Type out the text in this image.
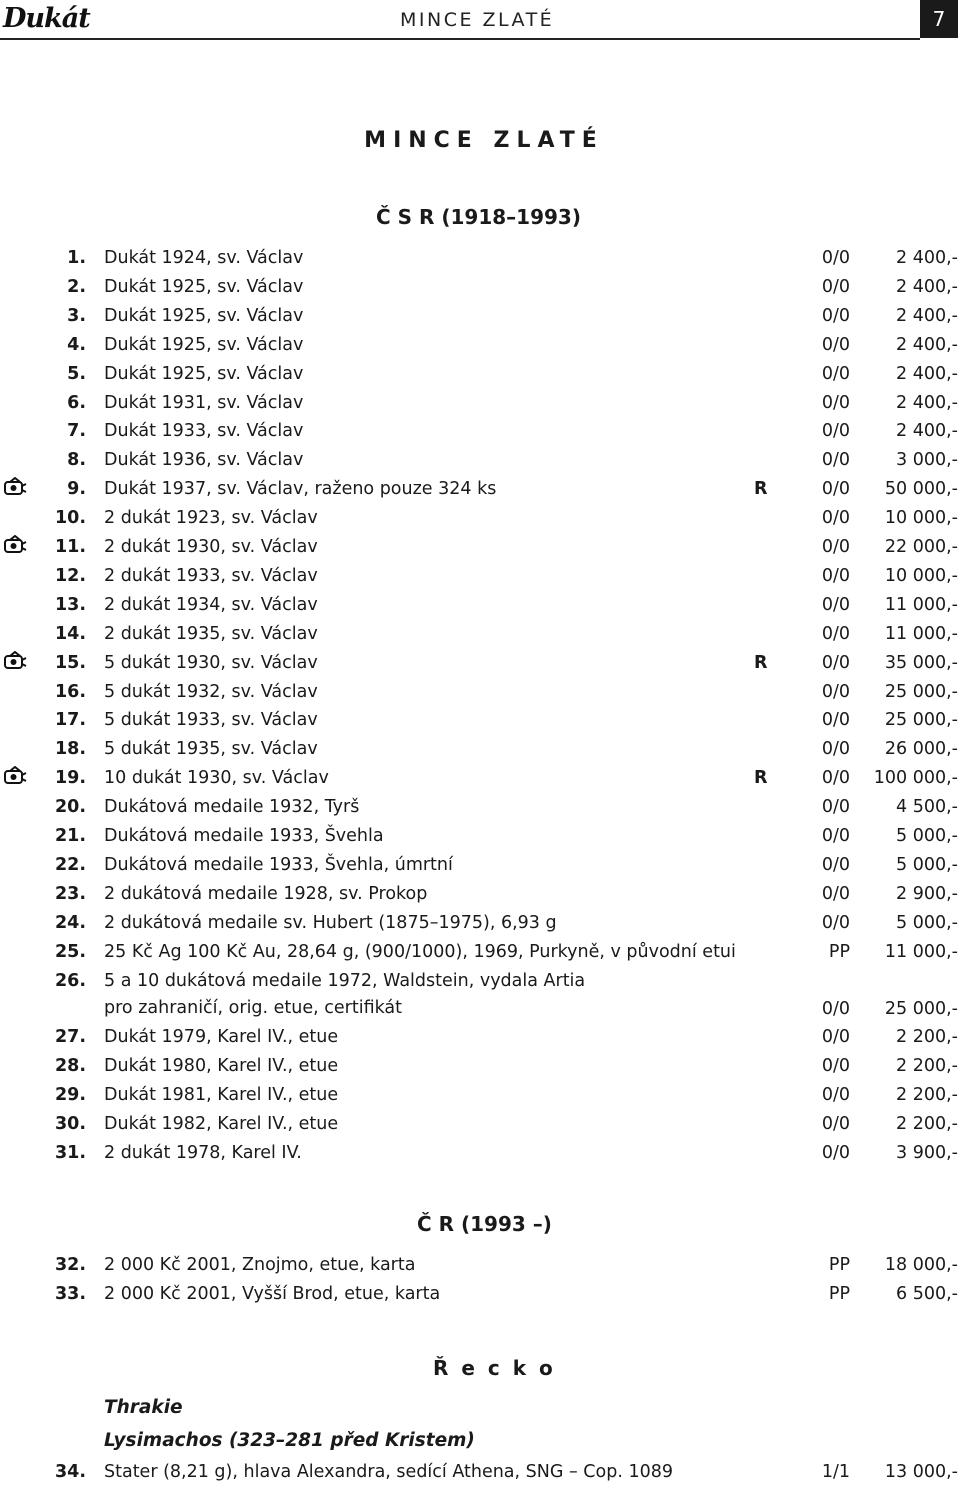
Dukát	MINCE ZLATÉ	7
MINCE ZLATÉ
Č S R (1918–1993)
1. Dukát 1924, sv. Václav	0/0	2 400,-
2. Dukát 1925, sv. Václav	0/0	2 400,-
3. Dukát 1925, sv. Václav	0/0	2 400,-
4. Dukát 1925, sv. Václav	0/0	2 400,-
5. Dukát 1925, sv. Václav	0/0	2 400,-
6. Dukát 1931, sv. Václav	0/0	2 400,-
7. Dukát 1933, sv. Václav	0/0	2 400,-
8. Dukát 1936, sv. Václav	0/0	3 000,-
9. Dukát 1937, sv. Václav, raženo pouze 324 ks	R	0/0 50 000,-
10. 2 dukát 1923, sv. Václav	0/0 10 000,-
11. 2 dukát 1930, sv. Václav	0/0 22 000,-
12. 2 dukát 1933, sv. Václav	0/0 10 000,-
13. 2 dukát 1934, sv. Václav	0/0 11 000,-
14. 2 dukát 1935, sv. Václav	0/0 11 000,-
15. 5 dukát 1930, sv. Václav	R	0/0 35 000,-
16. 5 dukát 1932, sv. Václav	0/0 25 000,-
17. 5 dukát 1933, sv. Václav	0/0 25 000,-
18. 5 dukát 1935, sv. Václav	0/0 26 000,-
19. 10 dukát 1930, sv. Václav	R	0/0 100 000,-
20. Dukátová medaile 1932, Tyrš	0/0	4 500,-
21. Dukátová medaile 1933, Švehla	0/0	5 000,-
22. Dukátová medaile 1933, Švehla, úmrtní	0/0	5 000,-
23. 2 dukátová medaile 1928, sv. Prokop	0/0	2 900,-
24. 2 dukátová medaile sv. Hubert (1875–1975), 6,93 g	0/0	5 000,-
25. 25 Kč Ag 100 Kč Au, 28,64 g, (900/1000), 1969, Purkyně, v původní etui	PP 11 000,-
26. 5 a 10 dukátová medaile 1972, Waldstein, vydala Artia
pro zahraničí, orig. etue, certifikát	0/0 25 000,-
27. Dukát 1979, Karel IV., etue	0/0	2 200,-
28. Dukát 1980, Karel IV., etue	0/0	2 200,-
29. Dukát 1981, Karel IV., etue	0/0	2 200,-
30. Dukát 1982, Karel IV., etue	0/0	2 200,-
31. 2 dukát 1978, Karel IV.	0/0	3 900,-
Č R (1993 –)
32. 2 000 Kč 2001, Znojmo, etue, karta	PP 18 000,-
33. 2 000 Kč 2001, Vyšší Brod, etue, karta	PP	6 500,-
Ř e c k o
Thrakie
Lysimachos (323–281 před Kristem)
34. Stater (8,21 g), hlava Alexandra, sedící Athena, SNG – Cop. 1089	1/1 13 000,-
